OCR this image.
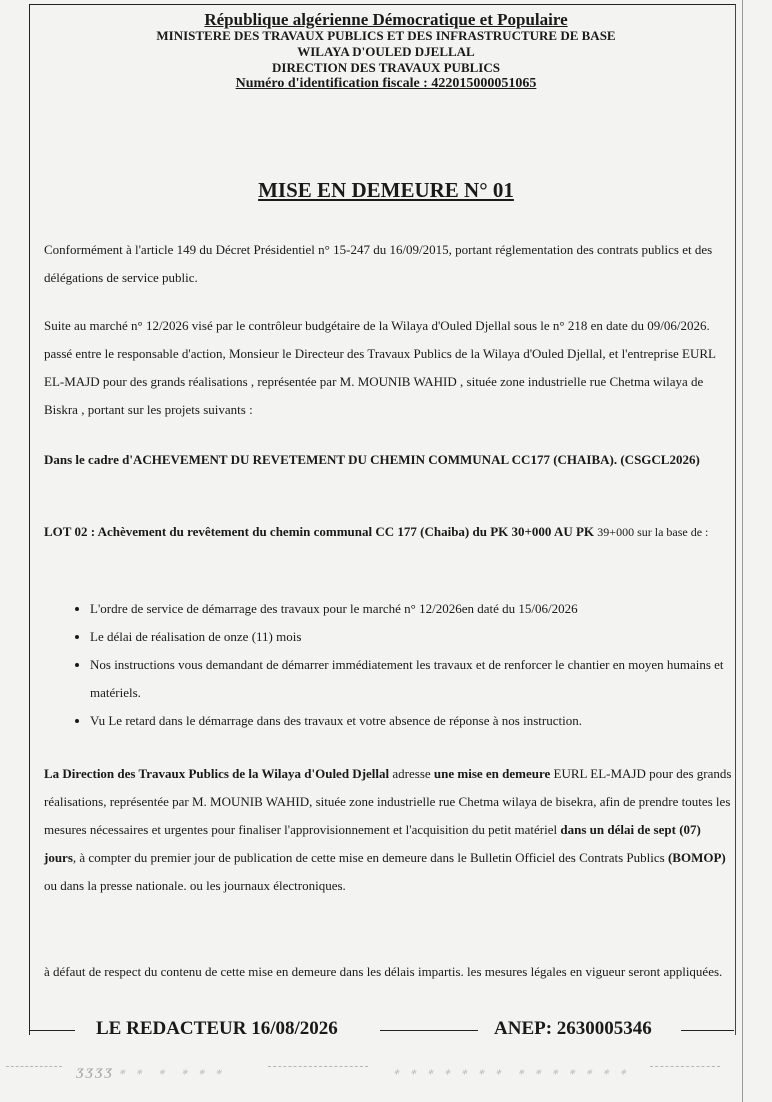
République algérienne Démocratique et Populaire
MINISTERE DES TRAVAUX PUBLICS ET DES INFRASTRUCTURE DE BASE
WILAYA D'OULED DJELLAL
DIRECTION DES TRAVAUX PUBLICS
Numéro d'identification fiscale : 422015000051065
MISE EN DEMEURE N° 01
Conformément à l'article 149 du Décret Présidentiel n° 15-247 du 16/09/2015, portant réglementation des contrats publics et des délégations de service public.
Suite au marché n° 12/2026 visé par le contrôleur budgétaire de la Wilaya d'Ouled Djellal sous le n° 218 en date du 09/06/2026. passé entre le responsable d'action, Monsieur le Directeur des Travaux Publics de la Wilaya d'Ouled Djellal, et l'entreprise EURL EL-MAJD pour des grands réalisations , représentée par M. MOUNIB WAHID , située zone industrielle rue Chetma wilaya de Biskra , portant sur les projets suivants :
Dans le cadre d'ACHEVEMENT DU REVETEMENT DU CHEMIN COMMUNAL CC177 (CHAIBA). (CSGCL2026)
LOT 02 : Achèvement du revêtement du chemin communal CC 177 (Chaiba) du PK 30+000 AU PK 39+000 sur la base de :
• L'ordre de service de démarrage des travaux pour le marché n° 12/2026en daté du 15/06/2026
• Le délai de réalisation de onze (11) mois
• Nos instructions vous demandant de démarrer immédiatement les travaux et de renforcer le chantier en moyen humains et matériels.
• Vu Le retard dans le démarrage dans des travaux et votre absence de réponse à nos instruction.
La Direction des Travaux Publics de la Wilaya d'Ouled Djellal adresse une mise en demeure EURL EL-MAJD pour des grands réalisations, représentée par M. MOUNIB WAHID, située zone industrielle rue Chetma wilaya de bisekra, afin de prendre toutes les mesures nécessaires et urgentes pour finaliser l'approvisionnement et l'acquisition du petit matériel dans un délai de sept (07) jours, à compter du premier jour de publication de cette mise en demeure dans le Bulletin Officiel des Contrats Publics (BOMOP) ou dans la presse nationale. ou les journaux électroniques.
à défaut de respect du contenu de cette mise en demeure dans les délais impartis. les mesures légales en vigueur seront appliquées.
LE REDACTEUR 16/08/2026	ANEP: 2630005346
ӠӠӠӠ﹡﹡ ﹡ ﹡﹡﹡	﹡﹡﹡﹡﹡﹡﹡ ﹡﹡﹡﹡﹡﹡﹡
